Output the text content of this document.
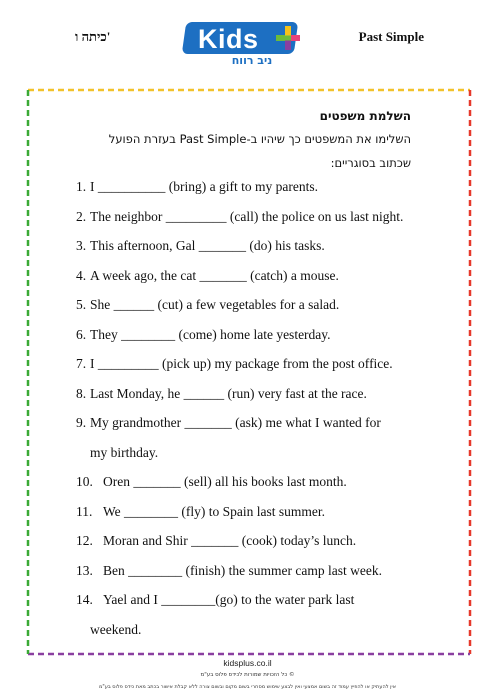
כיתה ו'	Kids
ניב רווח
Past Simple
השלמת משפטים
השלימו את המשפטים כך שיהיו ב-Past Simple בעזרת הפועל שכתוב בסוגריים:
1. I __________ (bring) a gift to my parents.
2. The neighbor _________ (call) the police on us last night.
3. This afternoon, Gal _______ (do) his tasks.
4. A week ago, the cat _______ (catch) a mouse.
5. She ______ (cut) a few vegetables for a salad.
6. They ________ (come) home late yesterday.
7. I _________ (pick up) my package from the post office.
8. Last Monday, he ______ (run) very fast at the race.
9. My grandmother _______ (ask) me what I wanted for
my birthday.
10. Oren _______ (sell) all his books last month.
11. We ________ (fly) to Spain last summer.
12. Moran and Shir _______ (cook) today’s lunch.
13. Ben ________ (finish) the summer camp last week.
14. Yael and I ________(go) to the water park last
weekend.
kidsplus.co.il
© כל הזכויות שמורות לכידס פלוס בע"מ
אין להעתיק או להפיץ עמוד זה בשום אמצעי ואין לבצע שימוש מסחרי בשום מקום ובשום צורה ללא קבלת אישור בכתב מאת כידס פלוס בע"מ
